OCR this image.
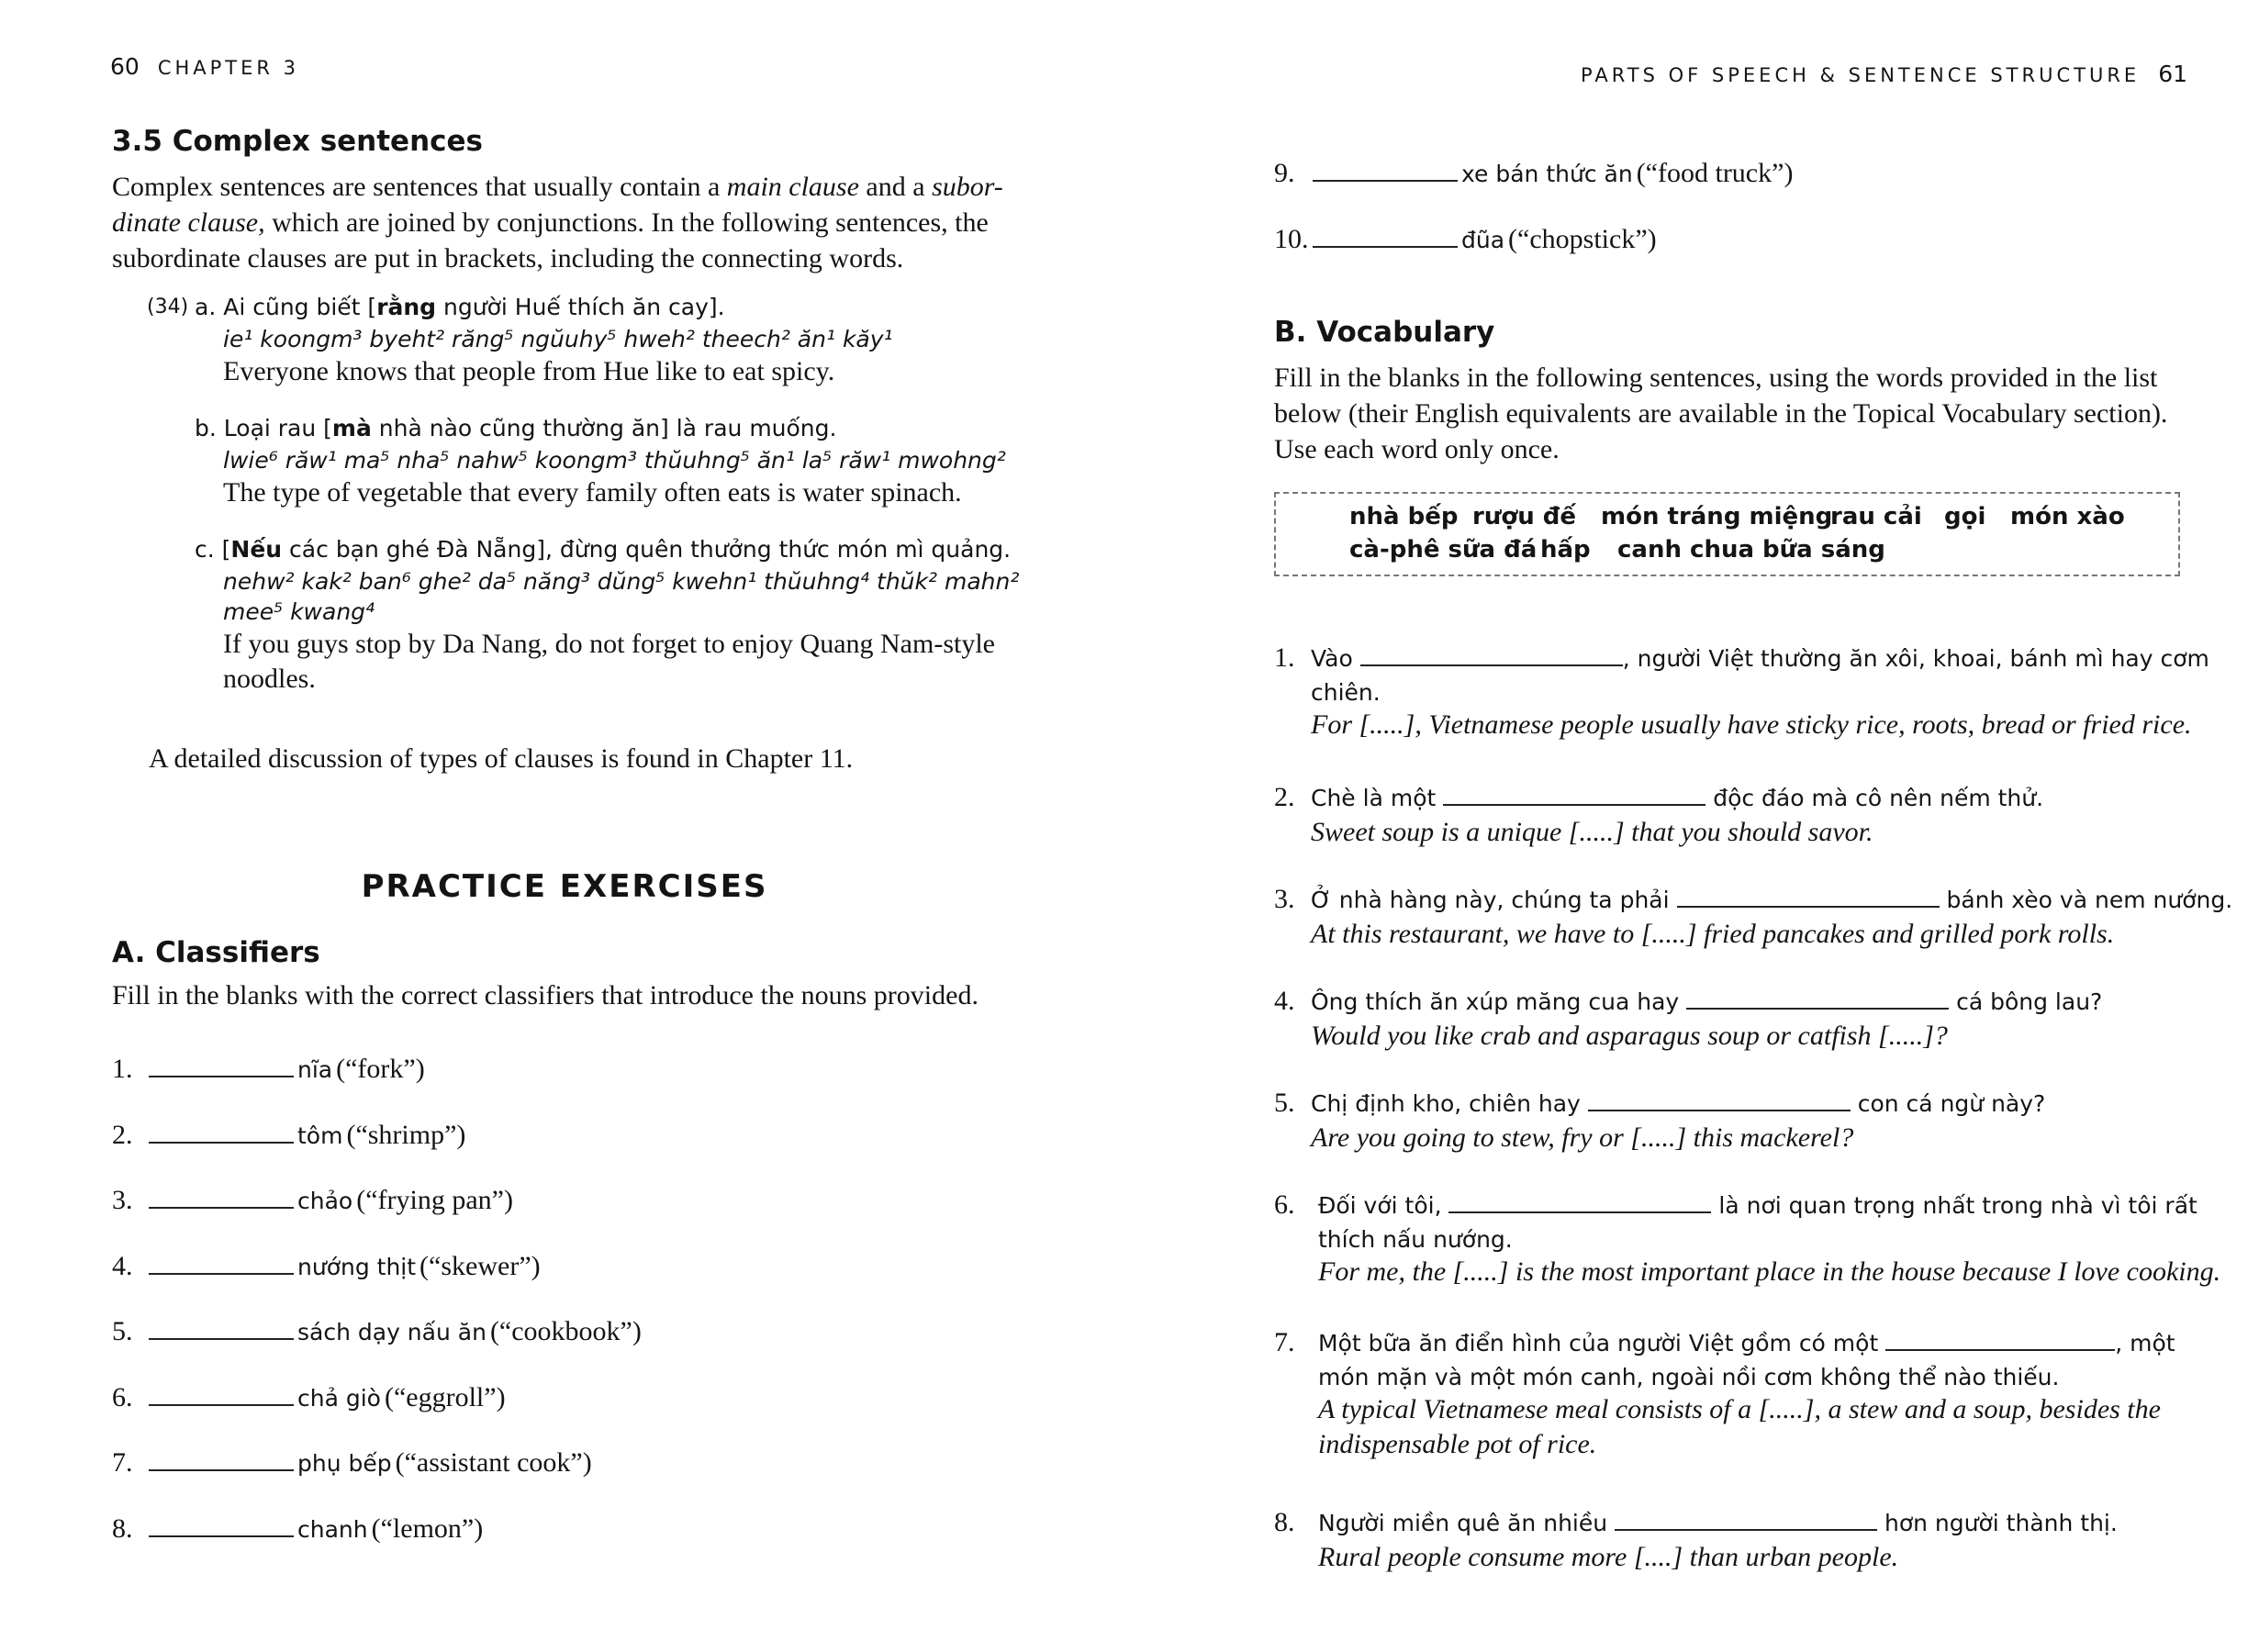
60 CHAPTER 3
3.5 Complex sentences
Complex sentences are sentences that usually contain a main clause and a subor-
dinate clause, which are joined by conjunctions. In the following sentences, the
subordinate clauses are put in brackets, including the connecting words.
(34) a. Ai cũng biết [rằng người Huế thích ăn cay].
ie¹ koongm³ byeht² răng⁵ ngŭuhy⁵ hweh² theech² ăn¹ kăy¹
Everyone knows that people from Hue like to eat spicy.
b. Loại rau [mà nhà nào cũng thường ăn] là rau muống.
lwie⁶ răw¹ ma⁵ nha⁵ nahw⁵ koongm³ thŭuhng⁵ ăn¹ la⁵ răw¹ mwohng²
The type of vegetable that every family often eats is water spinach.
c. [Nếu các bạn ghé Đà Nẵng], đừng quên thưởng thức món mì quảng.
nehw² kak² ban⁶ ghe² da⁵ năng³ dŭng⁵ kwehn¹ thŭuhng⁴ thŭk² mahn²
mee⁵ kwang⁴
If you guys stop by Da Nang, do not forget to enjoy Quang Nam-style
noodles.
A detailed discussion of types of clauses is found in Chapter 11.
PRACTICE EXERCISES
A. Classifiers
Fill in the blanks with the correct classifiers that introduce the nouns provided.
1.	nĩa (“fork”)
2.	tôm (“shrimp”)
3.	chảo (“frying pan”)
4.	nướng thịt (“skewer”)
5.	sách dạy nấu ăn (“cookbook”)
6.	chả giò (“eggroll”)
7.	phụ bếp (“assistant cook”)
8.	chanh (“lemon”)
PARTS OF SPEECH & SENTENCE STRUCTURE 61
9.	xe bán thức ăn (“food truck”)
10.	đũa (“chopstick”)
B. Vocabulary
Fill in the blanks in the following sentences, using the words provided in the list
below (their English equivalents are available in the Topical Vocabulary section).
Use each word only once.
nhà bếp rượu đế món tráng miệng
rau cải gọi món xào
cà-phê sữa đá hấp canh chua bữa sáng
1. Vào	, người Việt thường ăn xôi, khoai, bánh mì hay cơm
chiên.
For [.....], Vietnamese people usually have sticky rice, roots, bread or fried rice.
2. Chè là một	độc đáo mà cô nên nếm thử.
Sweet soup is a unique [.....] that you should savor.
3. Ở nhà hàng này, chúng ta phải	bánh xèo và nem nướng.
At this restaurant, we have to [.....] fried pancakes and grilled pork rolls.
4. Ông thích ăn xúp măng cua hay	cá bông lau?
Would you like crab and asparagus soup or catfish [.....]?
5. Chị định kho, chiên hay	con cá ngừ này?
Are you going to stew, fry or [.....] this mackerel?
6. Đối với tôi,	là nơi quan trọng nhất trong nhà vì tôi rất
thích nấu nướng.
For me, the [.....] is the most important place in the house because I love cooking.
7. Một bữa ăn điển hình của người Việt gồm có một	, một
món mặn và một món canh, ngoài nồi cơm không thể nào thiếu.
A typical Vietnamese meal consists of a [.....], a stew and a soup, besides the
indispensable pot of rice.
8. Người miền quê ăn nhiều	hơn người thành thị.
Rural people consume more [....] than urban people.
